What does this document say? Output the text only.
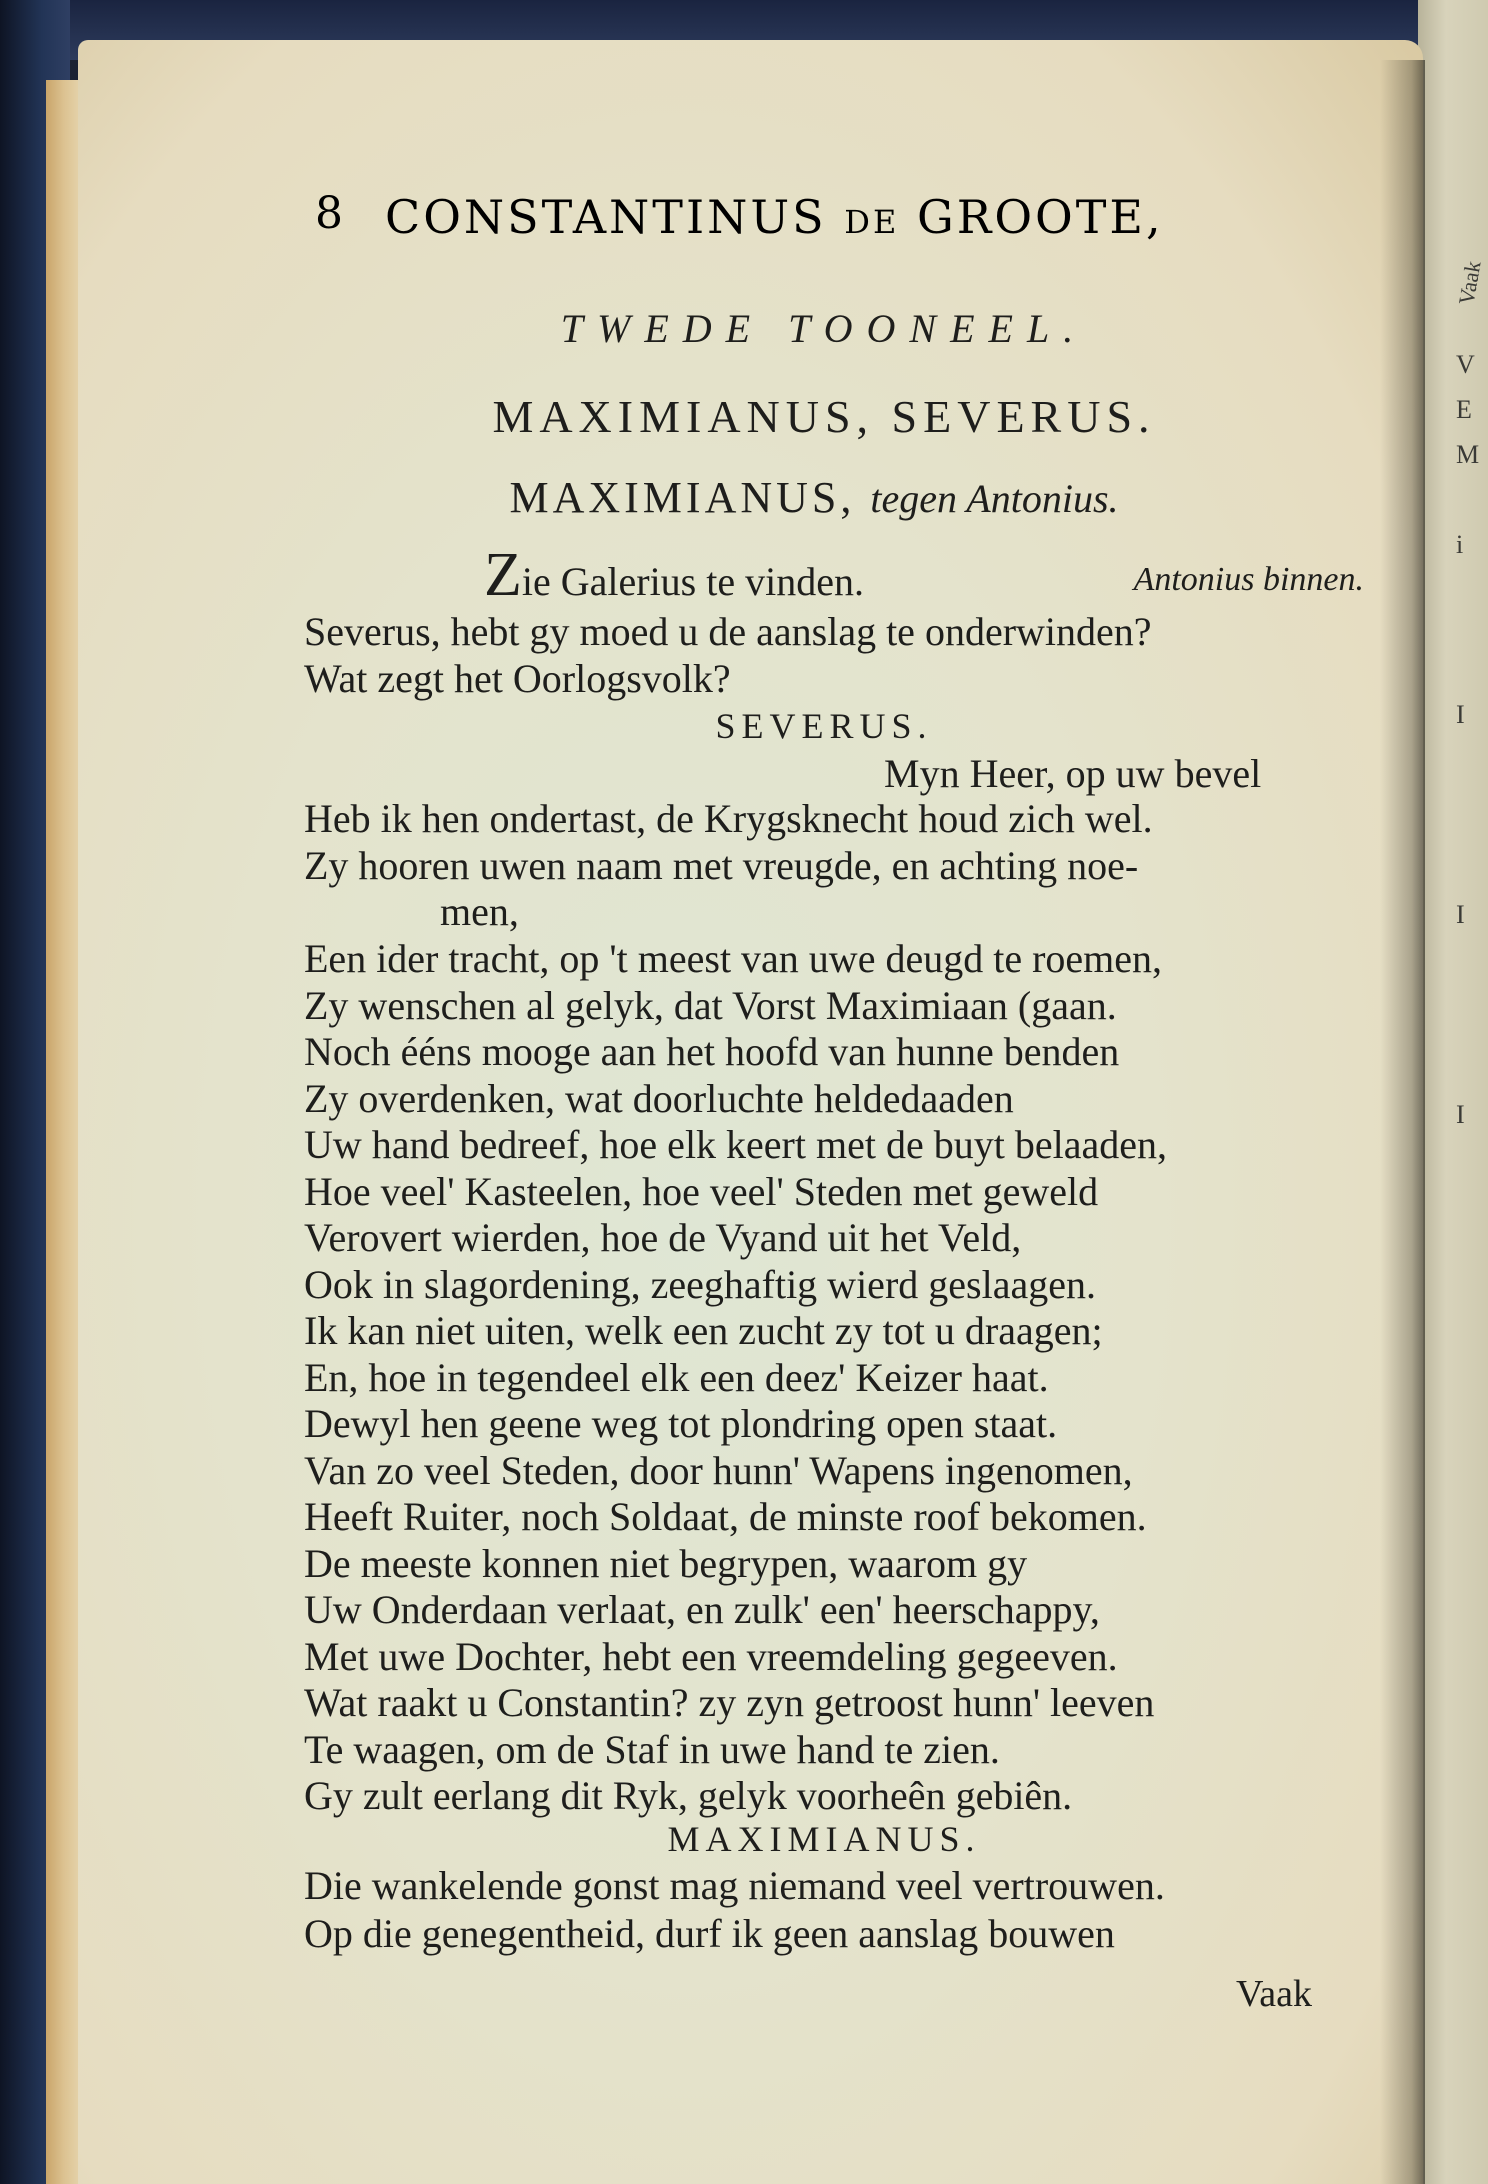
Vaak
V
E
M
i
I
I
I
8 CONSTANTINUS de GROOTE,
TWEDE TOONEEL.
MAXIMIANUS, SEVERUS.
MAXIMIANUS, tegen Antonius.
Zie Galerius te vinden.	Antonius binnen.
Severus, hebt gy moed u de aanslag te onderwinden?
Wat zegt het Oorlogsvolk?
SEVERUS.
Myn Heer, op uw bevel
Heb ik hen ondertast, de Krygsknecht houd zich wel.
Zy hooren uwen naam met vreugde, en achting noe-
men,
Een ider tracht, op 't meest van uwe deugd te roemen,
Zy wenschen al gelyk, dat Vorst Maximiaan (gaan.
Noch ééns mooge aan het hoofd van hunne benden
Zy overdenken, wat doorluchte heldedaaden
Uw hand bedreef, hoe elk keert met de buyt belaaden,
Hoe veel' Kasteelen, hoe veel' Steden met geweld
Verovert wierden, hoe de Vyand uit het Veld,
Ook in slagordening, zeeghaftig wierd geslaagen.
Ik kan niet uiten, welk een zucht zy tot u draagen;
En, hoe in tegendeel elk een deez' Keizer haat.
Dewyl hen geene weg tot plondring open staat.
Van zo veel Steden, door hunn' Wapens ingenomen,
Heeft Ruiter, noch Soldaat, de minste roof bekomen.
De meeste konnen niet begrypen, waarom gy
Uw Onderdaan verlaat, en zulk' een' heerschappy,
Met uwe Dochter, hebt een vreemdeling gegeeven.
Wat raakt u Constantin? zy zyn getroost hunn' leeven
Te waagen, om de Staf in uwe hand te zien.
Gy zult eerlang dit Ryk, gelyk voorheên gebiên.
MAXIMIANUS.
Die wankelende gonst mag niemand veel vertrouwen.
Op die genegentheid, durf ik geen aanslag bouwen
Vaak
